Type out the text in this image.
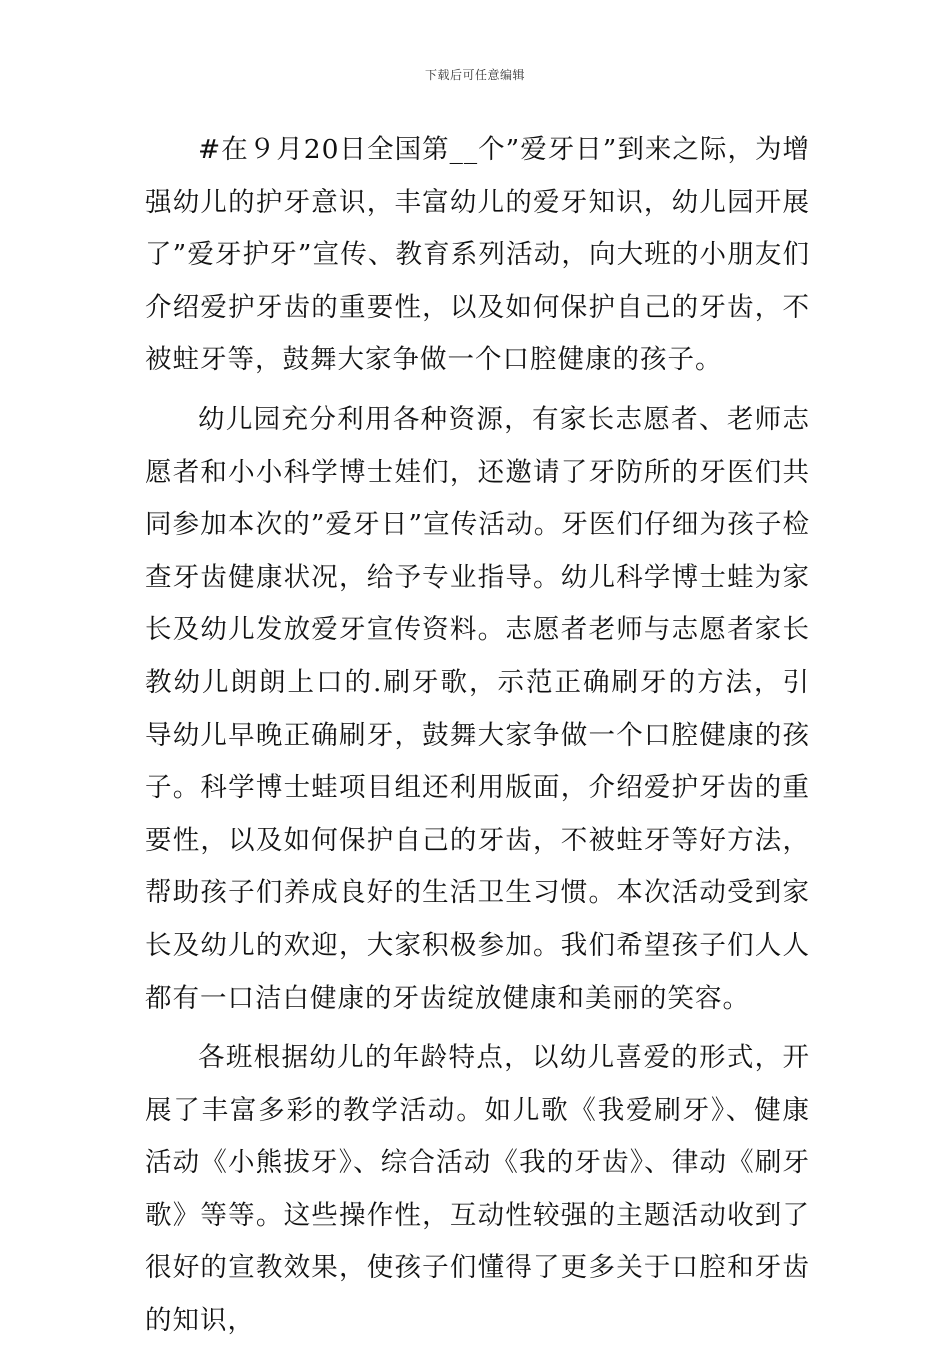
下载后可任意编辑

#在９月20日全国第__个”爱牙日”到来之际，为增强幼儿的护牙意识，丰富幼儿的爱牙知识，幼儿园开展了”爱牙护牙”宣传、教育系列活动，向大班的小朋友们介绍爱护牙齿的重要性，以及如何保护自己的牙齿，不被蛀牙等，鼓舞大家争做一个口腔健康的孩子。

幼儿园充分利用各种资源，有家长志愿者、老师志愿者和小小科学博士娃们，还邀请了牙防所的牙医们共同参加本次的”爱牙日”宣传活动。牙医们仔细为孩子检查牙齿健康状况，给予专业指导。幼儿科学博士蛙为家长及幼儿发放爱牙宣传资料。志愿者老师与志愿者家长教幼儿朗朗上口的.刷牙歌，示范正确刷牙的方法，引导幼儿早晚正确刷牙，鼓舞大家争做一个口腔健康的孩子。科学博士蛙项目组还利用版面，介绍爱护牙齿的重要性，以及如何保护自己的牙齿，不被蛀牙等好方法，帮助孩子们养成良好的生活卫生习惯。本次活动受到家长及幼儿的欢迎，大家积极参加。我们希望孩子们人人都有一口洁白健康的牙齿绽放健康和美丽的笑容。

各班根据幼儿的年龄特点，以幼儿喜爱的形式，开展了丰富多彩的教学活动。如儿歌《我爱刷牙》、健康活动《小熊拔牙》、综合活动《我的牙齿》、律动《刷牙歌》等等。这些操作性，互动性较强的主题活动收到了很好的宣教效果，使孩子们懂得了更多关于口腔和牙齿的知识，
